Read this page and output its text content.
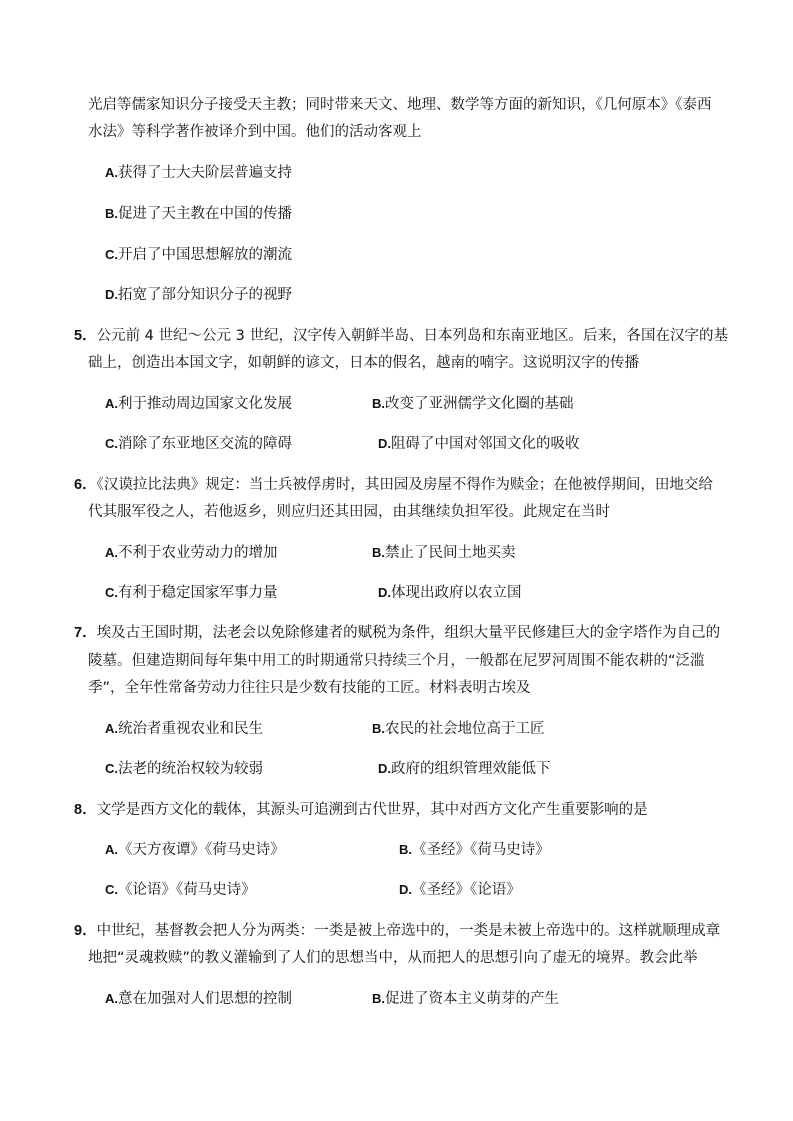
光启等儒家知识分子接受天主教；同时带来天文、地理、数学等方面的新知识，《几何原本》《泰西
水法》等科学著作被译介到中国。他们的活动客观上
A.获得了士大夫阶层普遍支持
B.促进了天主教在中国的传播
C.开启了中国思想解放的潮流
D.拓宽了部分知识分子的视野
5．公元前 4 世纪～公元 3 世纪，汉字传入朝鲜半岛、日本列岛和东南亚地区。后来，各国在汉字的基
础上，创造出本国文字，如朝鲜的谚文，日本的假名，越南的喃字。这说明汉字的传播
A.利于推动周边国家文化发展	B.改变了亚洲儒学文化圈的基础
C.消除了东亚地区交流的障碍	D.阻碍了中国对邻国文化的吸收
6．《汉谟拉比法典》规定：当士兵被俘虏时，其田园及房屋不得作为赎金；在他被俘期间，田地交给
代其服军役之人，若他返乡，则应归还其田园，由其继续负担军役。此规定在当时
A.不利于农业劳动力的增加	B.禁止了民间土地买卖
C.有利于稳定国家军事力量	D.体现出政府以农立国
7．埃及古王国时期，法老会以免除修建者的赋税为条件，组织大量平民修建巨大的金字塔作为自己的
陵墓。但建造期间每年集中用工的时期通常只持续三个月，一般都在尼罗河周围不能农耕的“泛滥
季”，全年性常备劳动力往往只是少数有技能的工匠。材料表明古埃及
A.统治者重视农业和民生	B.农民的社会地位高于工匠
C.法老的统治权较为较弱	D.政府的组织管理效能低下
8．文学是西方文化的载体，其源头可追溯到古代世界，其中对西方文化产生重要影响的是
A.《天方夜谭》《荷马史诗》	B.《圣经》《荷马史诗》
C.《论语》《荷马史诗》	D.《圣经》《论语》
9．中世纪，基督教会把人分为两类：一类是被上帝选中的，一类是未被上帝选中的。这样就顺理成章
地把“灵魂救赎”的教义灌输到了人们的思想当中，从而把人的思想引向了虚无的境界。教会此举
A.意在加强对人们思想的控制	B.促进了资本主义萌芽的产生
